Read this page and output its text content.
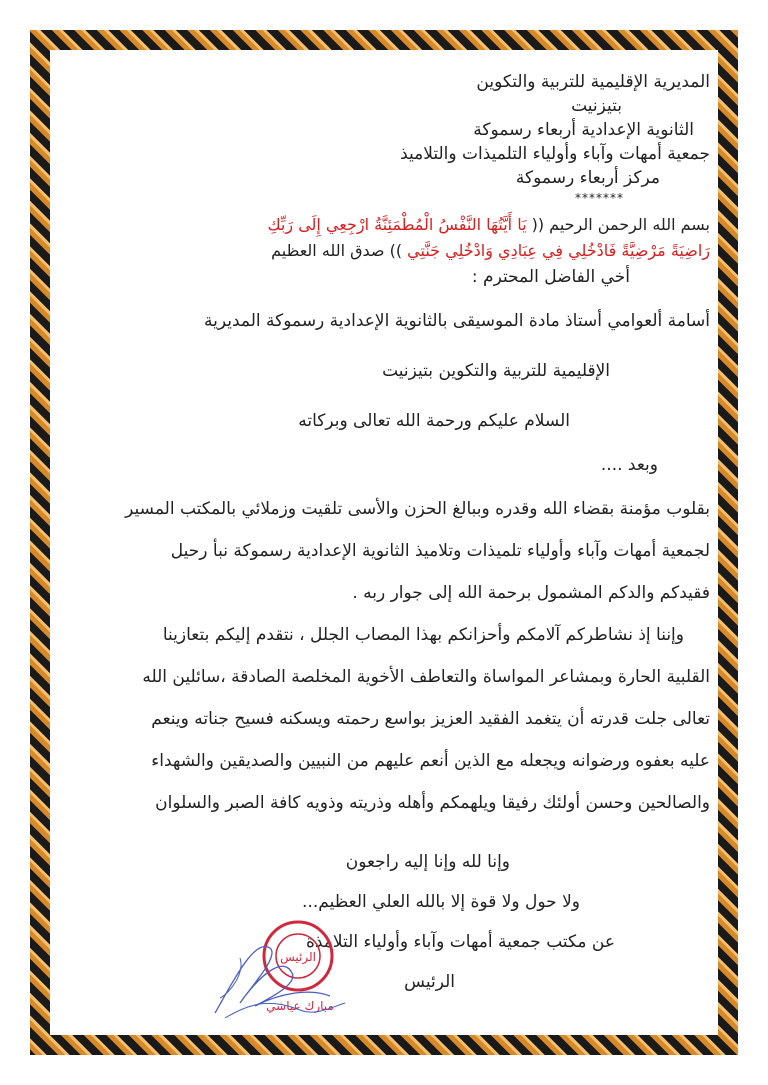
المديرية الإقليمية للتربية والتكوين
بتيزنيت
الثانوية الإعدادية أربعاء رسموكة
جمعية أمهات وآباء وأولياء التلميذات والتلاميذ
مركز أربعاء رسموكة
*******
بسم الله الرحمن الرحيم (( يَا أَيَّتُهَا النَّفْسُ الْمُطْمَئِنَّةُ ارْجِعِي إِلَى رَبِّكِ
رَاضِيَةً مَرْضِيَّةً فَادْخُلِي فِي عِبَادِي وَادْخُلِي جَنَّتِي )) صدق الله العظيم
أخي الفاضل المحترم :
أسامة ألعوامي أستاذ مادة الموسيقى بالثانوية الإعدادية رسموكة المديرية
الإقليمية للتربية والتكوين بتيزنيت
السلام عليكم ورحمة الله تعالى وبركاته
وبعد ....
بقلوب مؤمنة بقضاء الله وقدره وببالغ الحزن والأسى تلقيت وزملائي بالمكتب المسير
لجمعية أمهات وآباء وأولياء تلميذات وتلاميذ الثانوية الإعدادية رسموكة نبأ رحيل
فقيدكم والدكم المشمول برحمة الله إلى جوار ربه .
وإننا إذ نشاطركم آلامكم وأحزانكم بهذا المصاب الجلل ، نتقدم إليكم بتعازينا
القلبية الحارة وبمشاعر المواساة والتعاطف الأخوية المخلصة الصادقة ،سائلين الله
تعالى جلت قدرته أن يتغمد الفقيد العزيز بواسع رحمته ويسكنه فسيح جناته وينعم
عليه بعفوه ورضوانه ويجعله مع الذين أنعم عليهم من النبيين والصديقين والشهداء
والصالحين وحسن أولئك رفيقا ويلهمكم وأهله وذريته وذويه كافة الصبر والسلوان
وإنا لله وإنا إليه راجعون
ولا حول ولا قوة إلا بالله العلي العظيم...
عن مكتب جمعية أمهات وآباء وأولياء التلامذة
الرئيس
الرئيس
مبارك عياشي
